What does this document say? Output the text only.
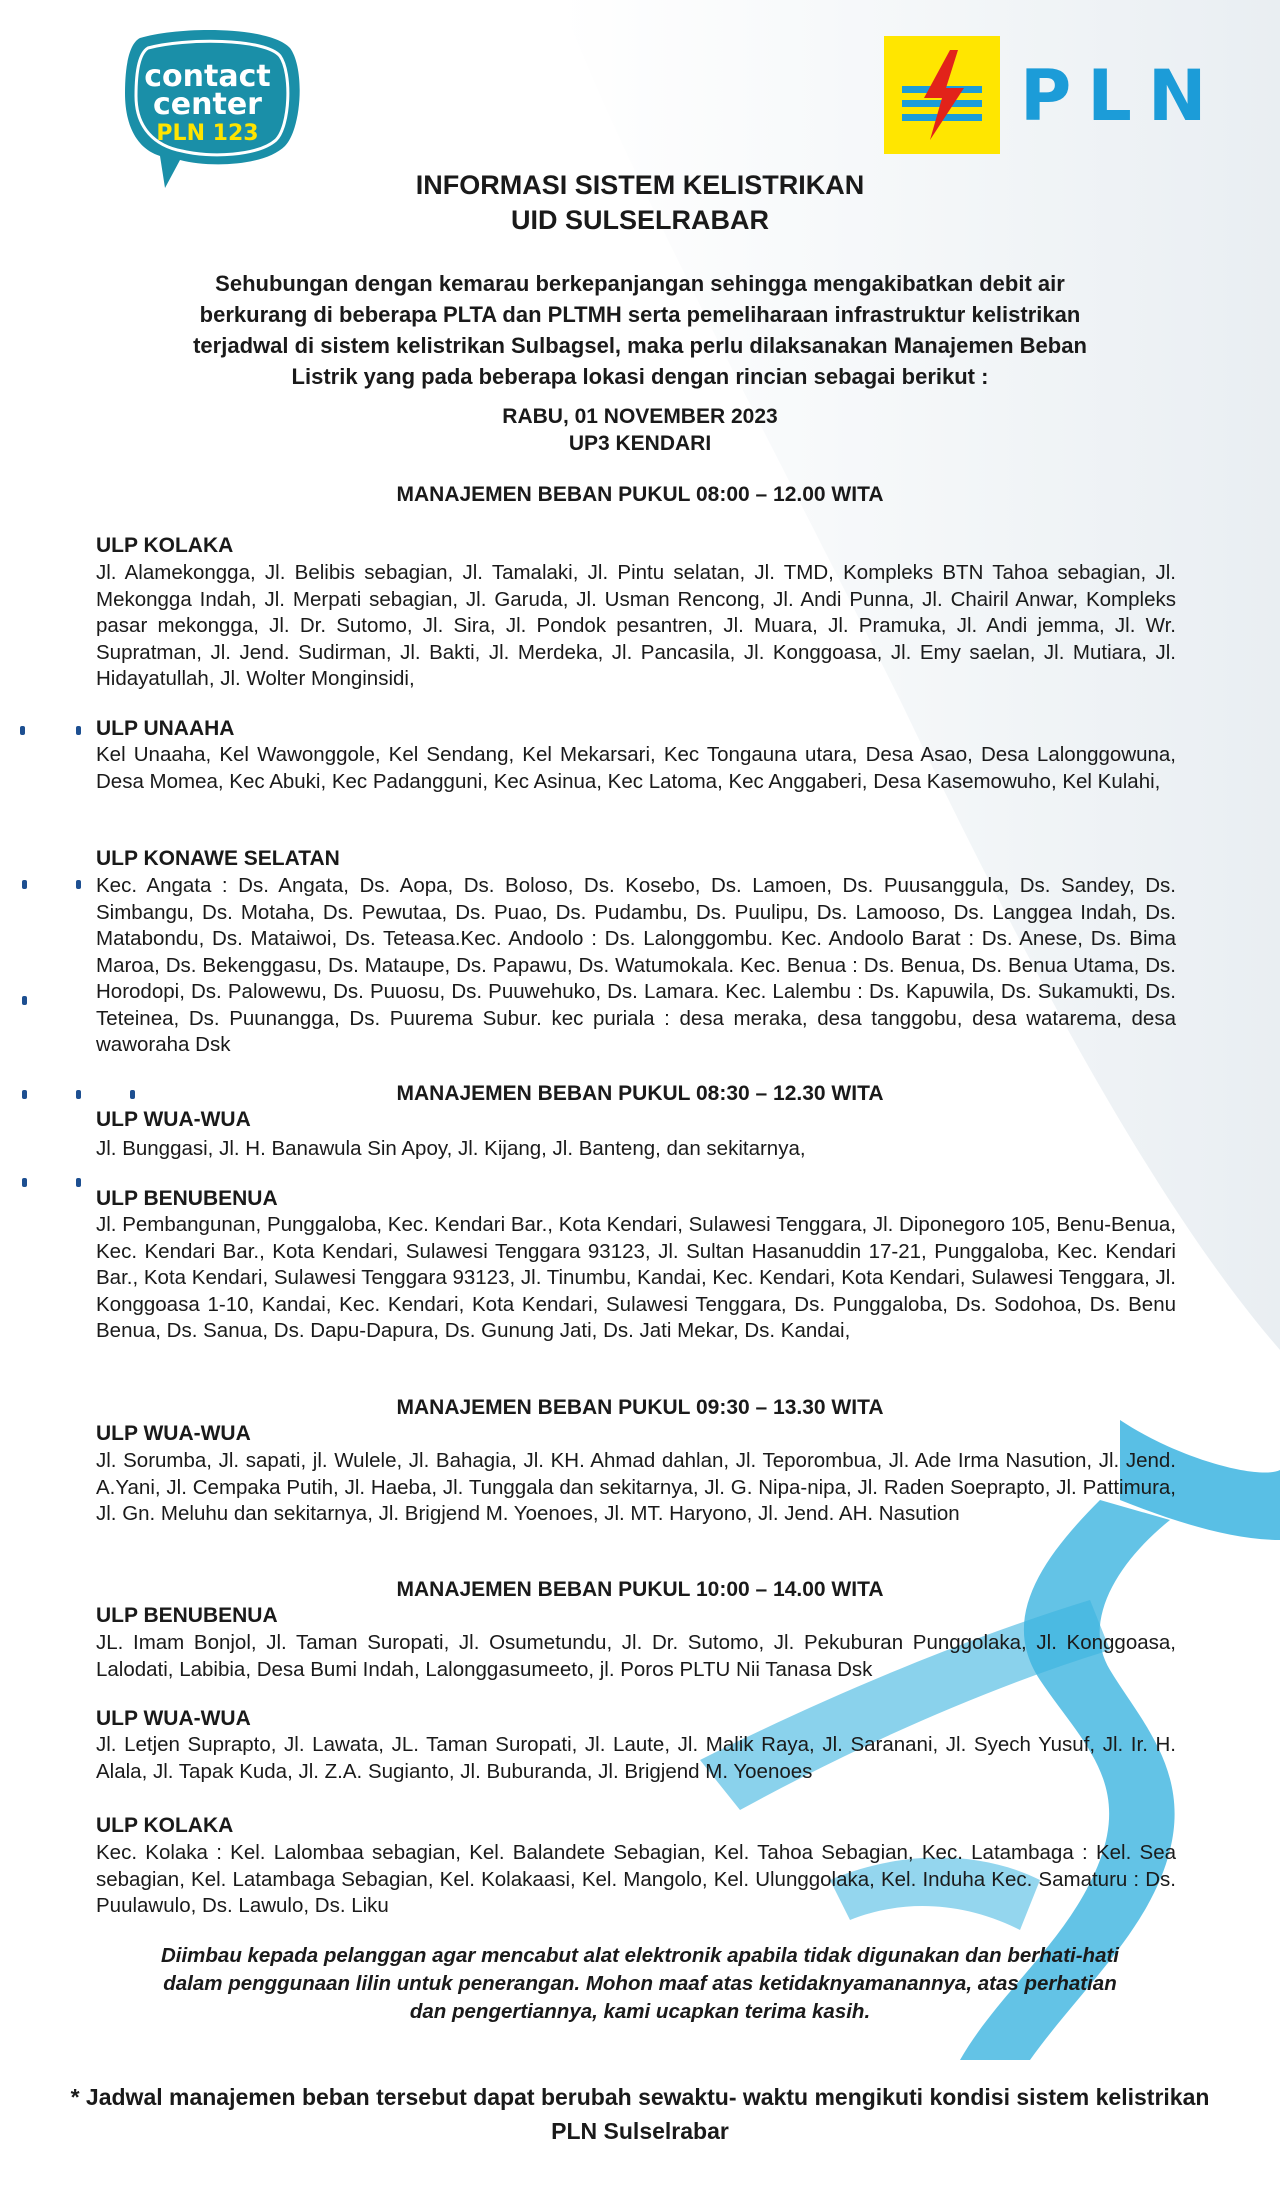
contact
center
PLN 123	PLN
INFORMASI SISTEM KELISTRIKAN
UID SULSELRABAR
Sehubungan dengan kemarau berkepanjangan sehingga mengakibatkan debit air
berkurang di beberapa PLTA dan PLTMH serta pemeliharaan infrastruktur kelistrikan
terjadwal di sistem kelistrikan Sulbagsel, maka perlu dilaksanakan Manajemen Beban
Listrik yang pada beberapa lokasi dengan rincian sebagai berikut :
RABU, 01 NOVEMBER 2023
UP3 KENDARI
MANAJEMEN BEBAN PUKUL 08:00 – 12.00 WITA
ULP KOLAKA
Jl. Alamekongga, Jl. Belibis sebagian, Jl. Tamalaki, Jl. Pintu selatan, Jl. TMD, Kompleks BTN Tahoa sebagian, Jl. Mekongga Indah, Jl. Merpati sebagian, Jl. Garuda, Jl. Usman Rencong, Jl. Andi Punna, Jl. Chairil Anwar, Kompleks pasar mekongga, Jl. Dr. Sutomo, Jl. Sira, Jl. Pondok pesantren, Jl. Muara, Jl. Pramuka, Jl. Andi jemma, Jl. Wr. Supratman, Jl. Jend. Sudirman, Jl. Bakti, Jl. Merdeka, Jl. Pancasila, Jl. Konggoasa, Jl. Emy saelan, Jl. Mutiara, Jl. Hidayatullah, Jl. Wolter Monginsidi,
ULP UNAAHA
Kel Unaaha, Kel Wawonggole, Kel Sendang, Kel Mekarsari, Kec Tongauna utara, Desa Asao, Desa Lalonggowuna, Desa Momea, Kec Abuki, Kec Padangguni, Kec Asinua, Kec Latoma, Kec Anggaberi, Desa Kasemowuho, Kel Kulahi,
ULP KONAWE SELATAN
Kec. Angata : Ds. Angata, Ds. Aopa, Ds. Boloso, Ds. Kosebo, Ds. Lamoen, Ds. Puusanggula, Ds. Sandey, Ds. Simbangu, Ds. Motaha, Ds. Pewutaa, Ds. Puao, Ds. Pudambu, Ds. Puulipu, Ds. Lamooso, Ds. Langgea Indah, Ds. Matabondu, Ds. Mataiwoi, Ds. Teteasa.Kec. Andoolo : Ds. Lalonggombu. Kec. Andoolo Barat : Ds. Anese, Ds. Bima Maroa, Ds. Bekenggasu, Ds. Mataupe, Ds. Papawu, Ds. Watumokala. Kec. Benua : Ds. Benua, Ds. Benua Utama, Ds. Horodopi, Ds. Palowewu, Ds. Puuosu, Ds. Puuwehuko, Ds. Lamara. Kec. Lalembu : Ds. Kapuwila, Ds. Sukamukti, Ds. Teteinea, Ds. Puunangga, Ds. Puurema Subur. kec puriala : desa meraka, desa tanggobu, desa watarema, desa waworaha Dsk
MANAJEMEN BEBAN PUKUL 08:30 – 12.30 WITA
ULP WUA-WUA
Jl. Bunggasi, Jl. H. Banawula Sin Apoy, Jl. Kijang, Jl. Banteng, dan sekitarnya,
ULP BENUBENUA
Jl. Pembangunan, Punggaloba, Kec. Kendari Bar., Kota Kendari, Sulawesi Tenggara, Jl. Diponegoro 105, Benu-Benua, Kec. Kendari Bar., Kota Kendari, Sulawesi Tenggara 93123, Jl. Sultan Hasanuddin 17-21, Punggaloba, Kec. Kendari Bar., Kota Kendari, Sulawesi Tenggara 93123, Jl. Tinumbu, Kandai, Kec. Kendari, Kota Kendari, Sulawesi Tenggara, Jl. Konggoasa 1-10, Kandai, Kec. Kendari, Kota Kendari, Sulawesi Tenggara, Ds. Punggaloba, Ds. Sodohoa, Ds. Benu Benua, Ds. Sanua, Ds. Dapu-Dapura, Ds. Gunung Jati, Ds. Jati Mekar, Ds. Kandai,
MANAJEMEN BEBAN PUKUL 09:30 – 13.30 WITA
ULP WUA-WUA
Jl. Sorumba, Jl. sapati, jl. Wulele, Jl. Bahagia, Jl. KH. Ahmad dahlan, Jl. Teporombua, Jl. Ade Irma Nasution, Jl. Jend. A.Yani, Jl. Cempaka Putih, Jl. Haeba, Jl. Tunggala dan sekitarnya, Jl. G. Nipa-nipa, Jl. Raden Soeprapto, Jl. Pattimura, Jl. Gn. Meluhu dan sekitarnya, Jl. Brigjend M. Yoenoes, Jl. MT. Haryono, Jl. Jend. AH. Nasution
MANAJEMEN BEBAN PUKUL 10:00 – 14.00 WITA
ULP BENUBENUA
JL. Imam Bonjol, Jl. Taman Suropati, Jl. Osumetundu, Jl. Dr. Sutomo, Jl. Pekuburan Punggolaka, Jl. Konggoasa, Lalodati, Labibia, Desa Bumi Indah, Lalonggasumeeto, jl. Poros PLTU Nii Tanasa Dsk
ULP WUA-WUA
Jl. Letjen Suprapto, Jl. Lawata, JL. Taman Suropati, Jl. Laute, Jl. Malik Raya, Jl. Saranani, Jl. Syech Yusuf, Jl. Ir. H. Alala, Jl. Tapak Kuda, Jl. Z.A. Sugianto, Jl. Buburanda, Jl. Brigjend M. Yoenoes
ULP KOLAKA
Kec. Kolaka : Kel. Lalombaa sebagian, Kel. Balandete Sebagian, Kel. Tahoa Sebagian, Kec. Latambaga : Kel. Sea sebagian, Kel. Latambaga Sebagian, Kel. Kolakaasi, Kel. Mangolo, Kel. Ulunggolaka, Kel. Induha Kec. Samaturu : Ds. Puulawulo, Ds. Lawulo, Ds. Liku
Diimbau kepada pelanggan agar mencabut alat elektronik apabila tidak digunakan dan berhati-hati
dalam penggunaan lilin untuk penerangan. Mohon maaf atas ketidaknyamanannya, atas perhatian
dan pengertiannya, kami ucapkan terima kasih.
* Jadwal manajemen beban tersebut dapat berubah sewaktu- waktu mengikuti kondisi sistem kelistrikan
PLN Sulselrabar
